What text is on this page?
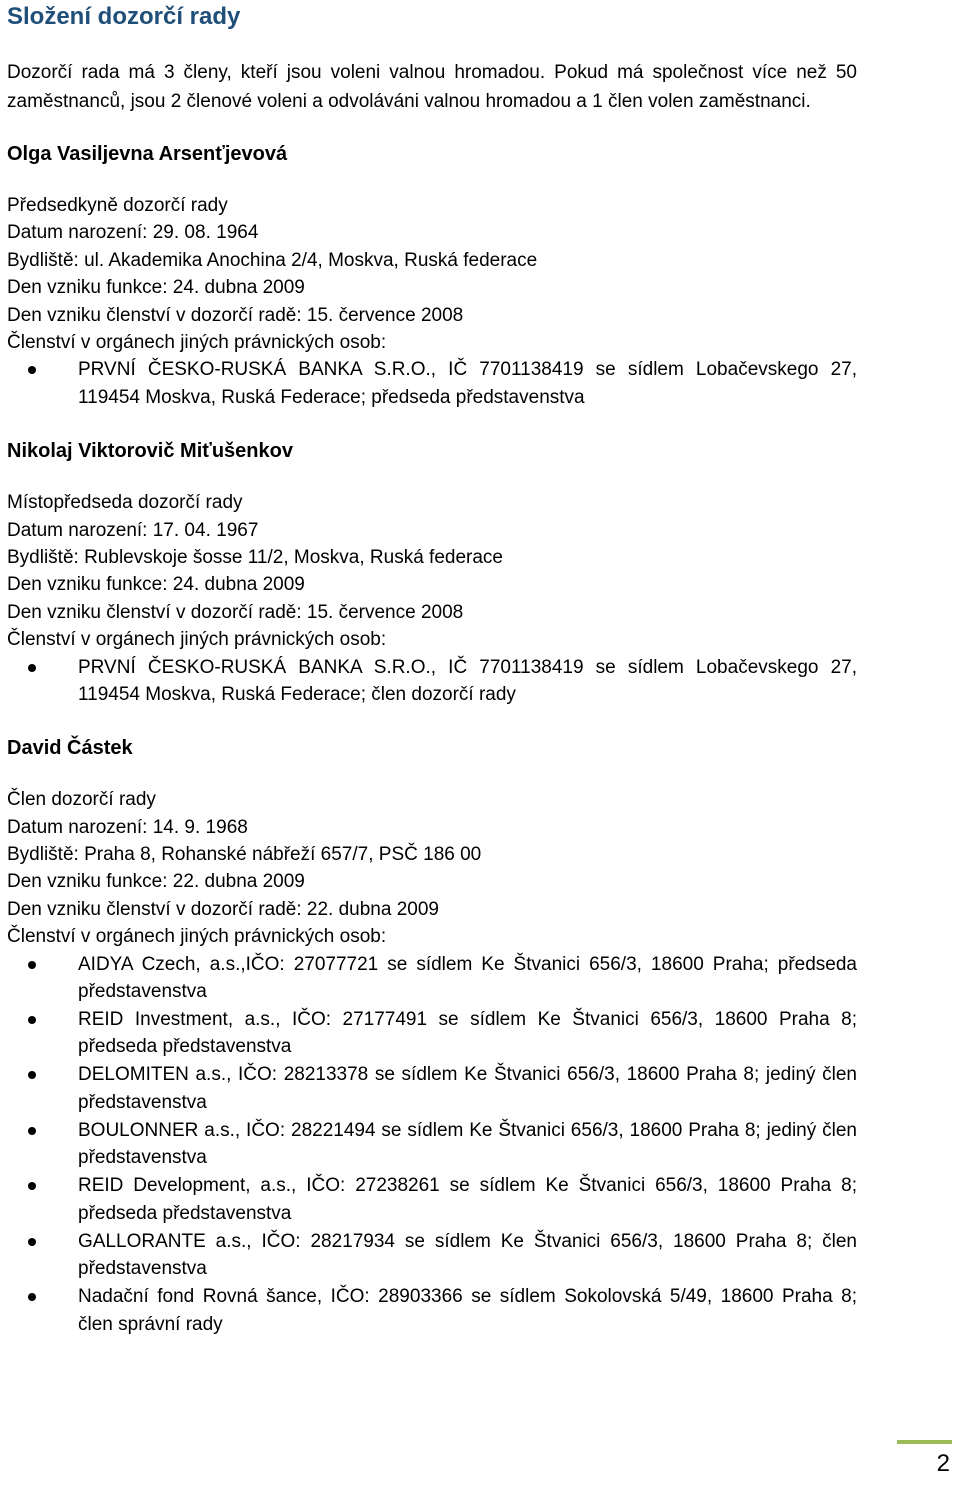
Složení dozorčí rady

Dozorčí rada má 3 členy, kteří jsou voleni valnou hromadou. Pokud má společnost více než 50 zaměstnanců, jsou 2 členové voleni a odvoláváni valnou hromadou a 1 člen volen zaměstnanci.

Olga Vasiljevna Arsenťjevová

Předsedkyně dozorčí rady
Datum narození: 29. 08. 1964
Bydliště: ul. Akademika Anochina 2/4, Moskva, Ruská federace
Den vzniku funkce: 24. dubna 2009
Den vzniku členství v dozorčí radě: 15. července 2008
Členství v orgánech jiných právnických osob:
PRVNÍ ČESKO-RUSKÁ BANKA S.R.O., IČ 7701138419 se sídlem Lobačevskego 27, 119454 Moskva, Ruská Federace; předseda představenstva

Nikolaj Viktorovič Miťušenkov

Místopředseda dozorčí rady
Datum narození: 17. 04. 1967
Bydliště: Rublevskoje šosse 11/2, Moskva, Ruská federace
Den vzniku funkce: 24. dubna 2009
Den vzniku členství v dozorčí radě: 15. července 2008
Členství v orgánech jiných právnických osob:
PRVNÍ ČESKO-RUSKÁ BANKA S.R.O., IČ 7701138419 se sídlem Lobačevskego 27, 119454 Moskva, Ruská Federace; člen dozorčí rady

David Částek

Člen dozorčí rady
Datum narození: 14. 9. 1968
Bydliště: Praha 8, Rohanské nábřeží 657/7, PSČ 186 00
Den vzniku funkce: 22. dubna 2009
Den vzniku členství v dozorčí radě: 22. dubna 2009
Členství v orgánech jiných právnických osob:
AIDYA Czech, a.s.,IČO: 27077721 se sídlem Ke Štvanici 656/3, 18600 Praha; předseda představenstva
REID Investment, a.s., IČO: 27177491 se sídlem Ke Štvanici 656/3, 18600 Praha 8; předseda představenstva
DELOMITEN a.s., IČO: 28213378 se sídlem Ke Štvanici 656/3, 18600 Praha 8; jediný člen představenstva
BOULONNER a.s., IČO: 28221494 se sídlem Ke Štvanici 656/3, 18600 Praha 8; jediný člen představenstva
REID Development, a.s., IČO: 27238261 se sídlem Ke Štvanici 656/3, 18600 Praha 8; předseda představenstva
GALLORANTE a.s., IČO: 28217934 se sídlem Ke Štvanici 656/3, 18600 Praha 8; člen představenstva
Nadační fond Rovná šance, IČO: 28903366 se sídlem Sokolovská 5/49, 18600 Praha 8; člen správní rady
2
